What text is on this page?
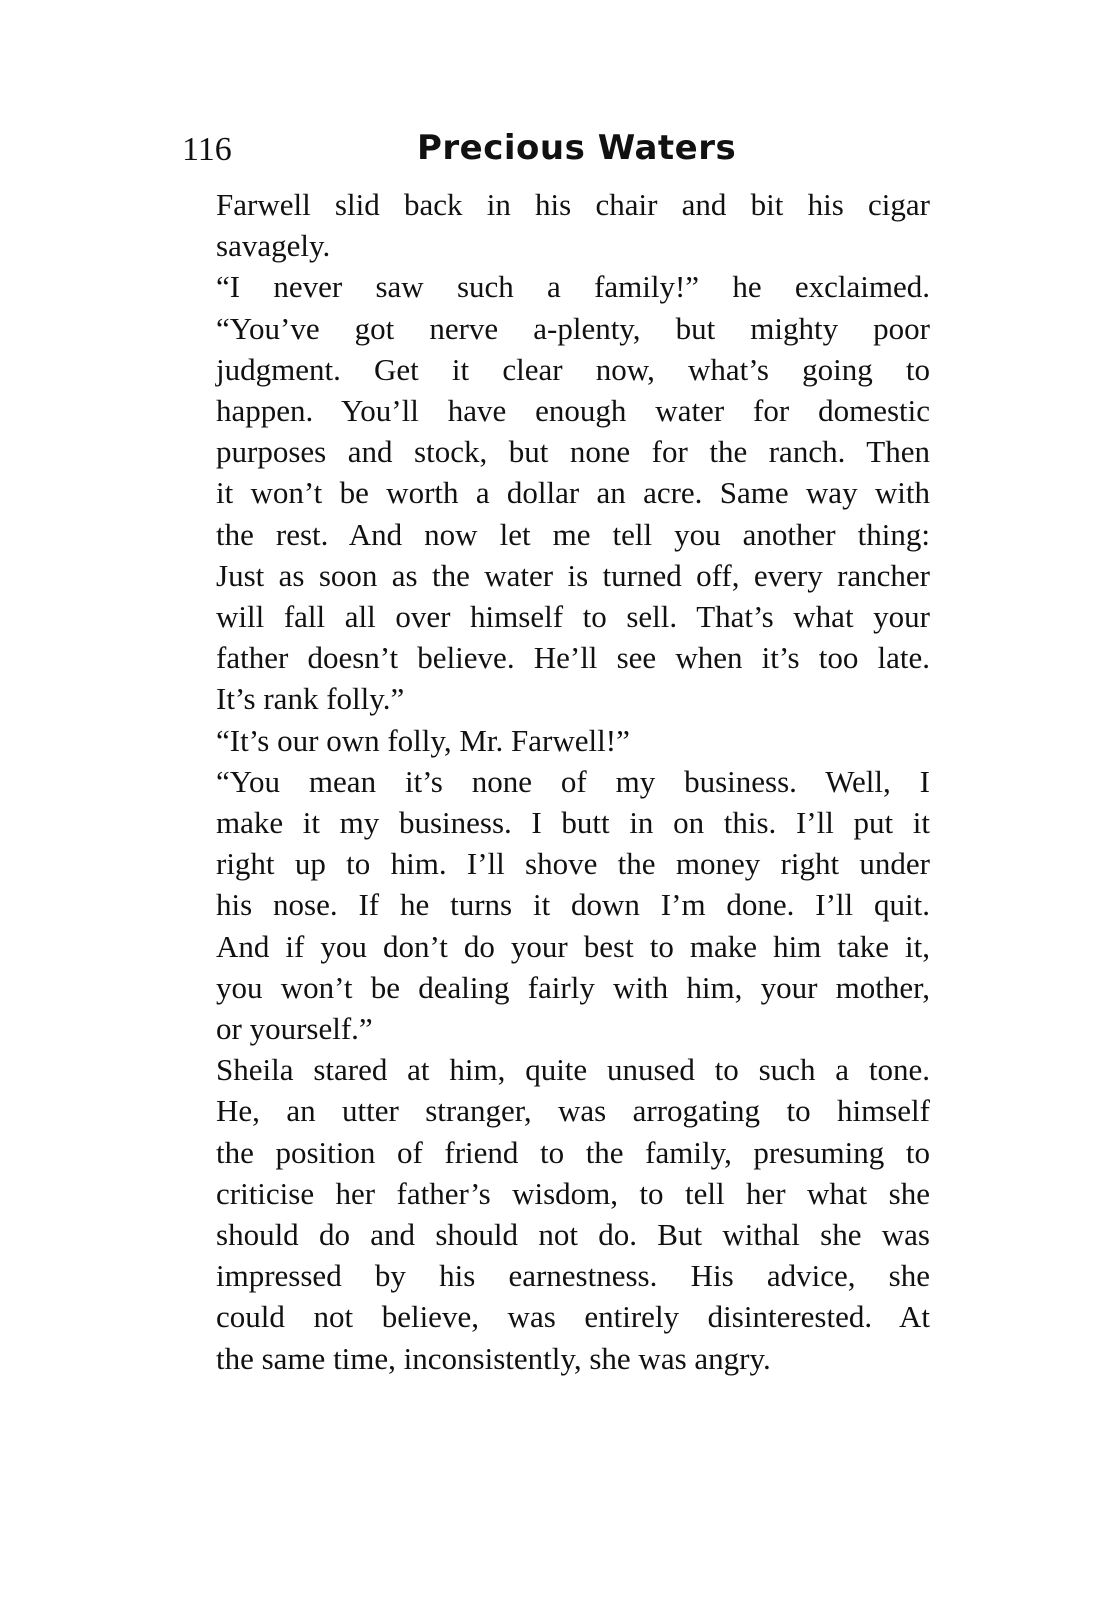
116	Precious Waters

Farwell slid back in his chair and bit his cigar
savagely.

“I never saw such a family!” he exclaimed.
“You’ve got nerve a-plenty, but mighty poor
judgment. Get it clear now, what’s going to
happen. You’ll have enough water for domestic
purposes and stock, but none for the ranch. Then
it won’t be worth a dollar an acre. Same way with
the rest. And now let me tell you another thing:
Just as soon as the water is turned off, every rancher
will fall all over himself to sell. That’s what your
father doesn’t believe. He’ll see when it’s too late.
It’s rank folly.”

“It’s our own folly, Mr. Farwell!”

“You mean it’s none of my business. Well, I
make it my business. I butt in on this. I’ll put it
right up to him. I’ll shove the money right under
his nose. If he turns it down I’m done. I’ll quit.
And if you don’t do your best to make him take it,
you won’t be dealing fairly with him, your mother,
or yourself.”

Sheila stared at him, quite unused to such a tone.
He, an utter stranger, was arrogating to himself
the position of friend to the family, presuming to
criticise her father’s wisdom, to tell her what she
should do and should not do. But withal she was
impressed by his earnestness. His advice, she
could not believe, was entirely disinterested. At
the same time, inconsistently, she was angry.
